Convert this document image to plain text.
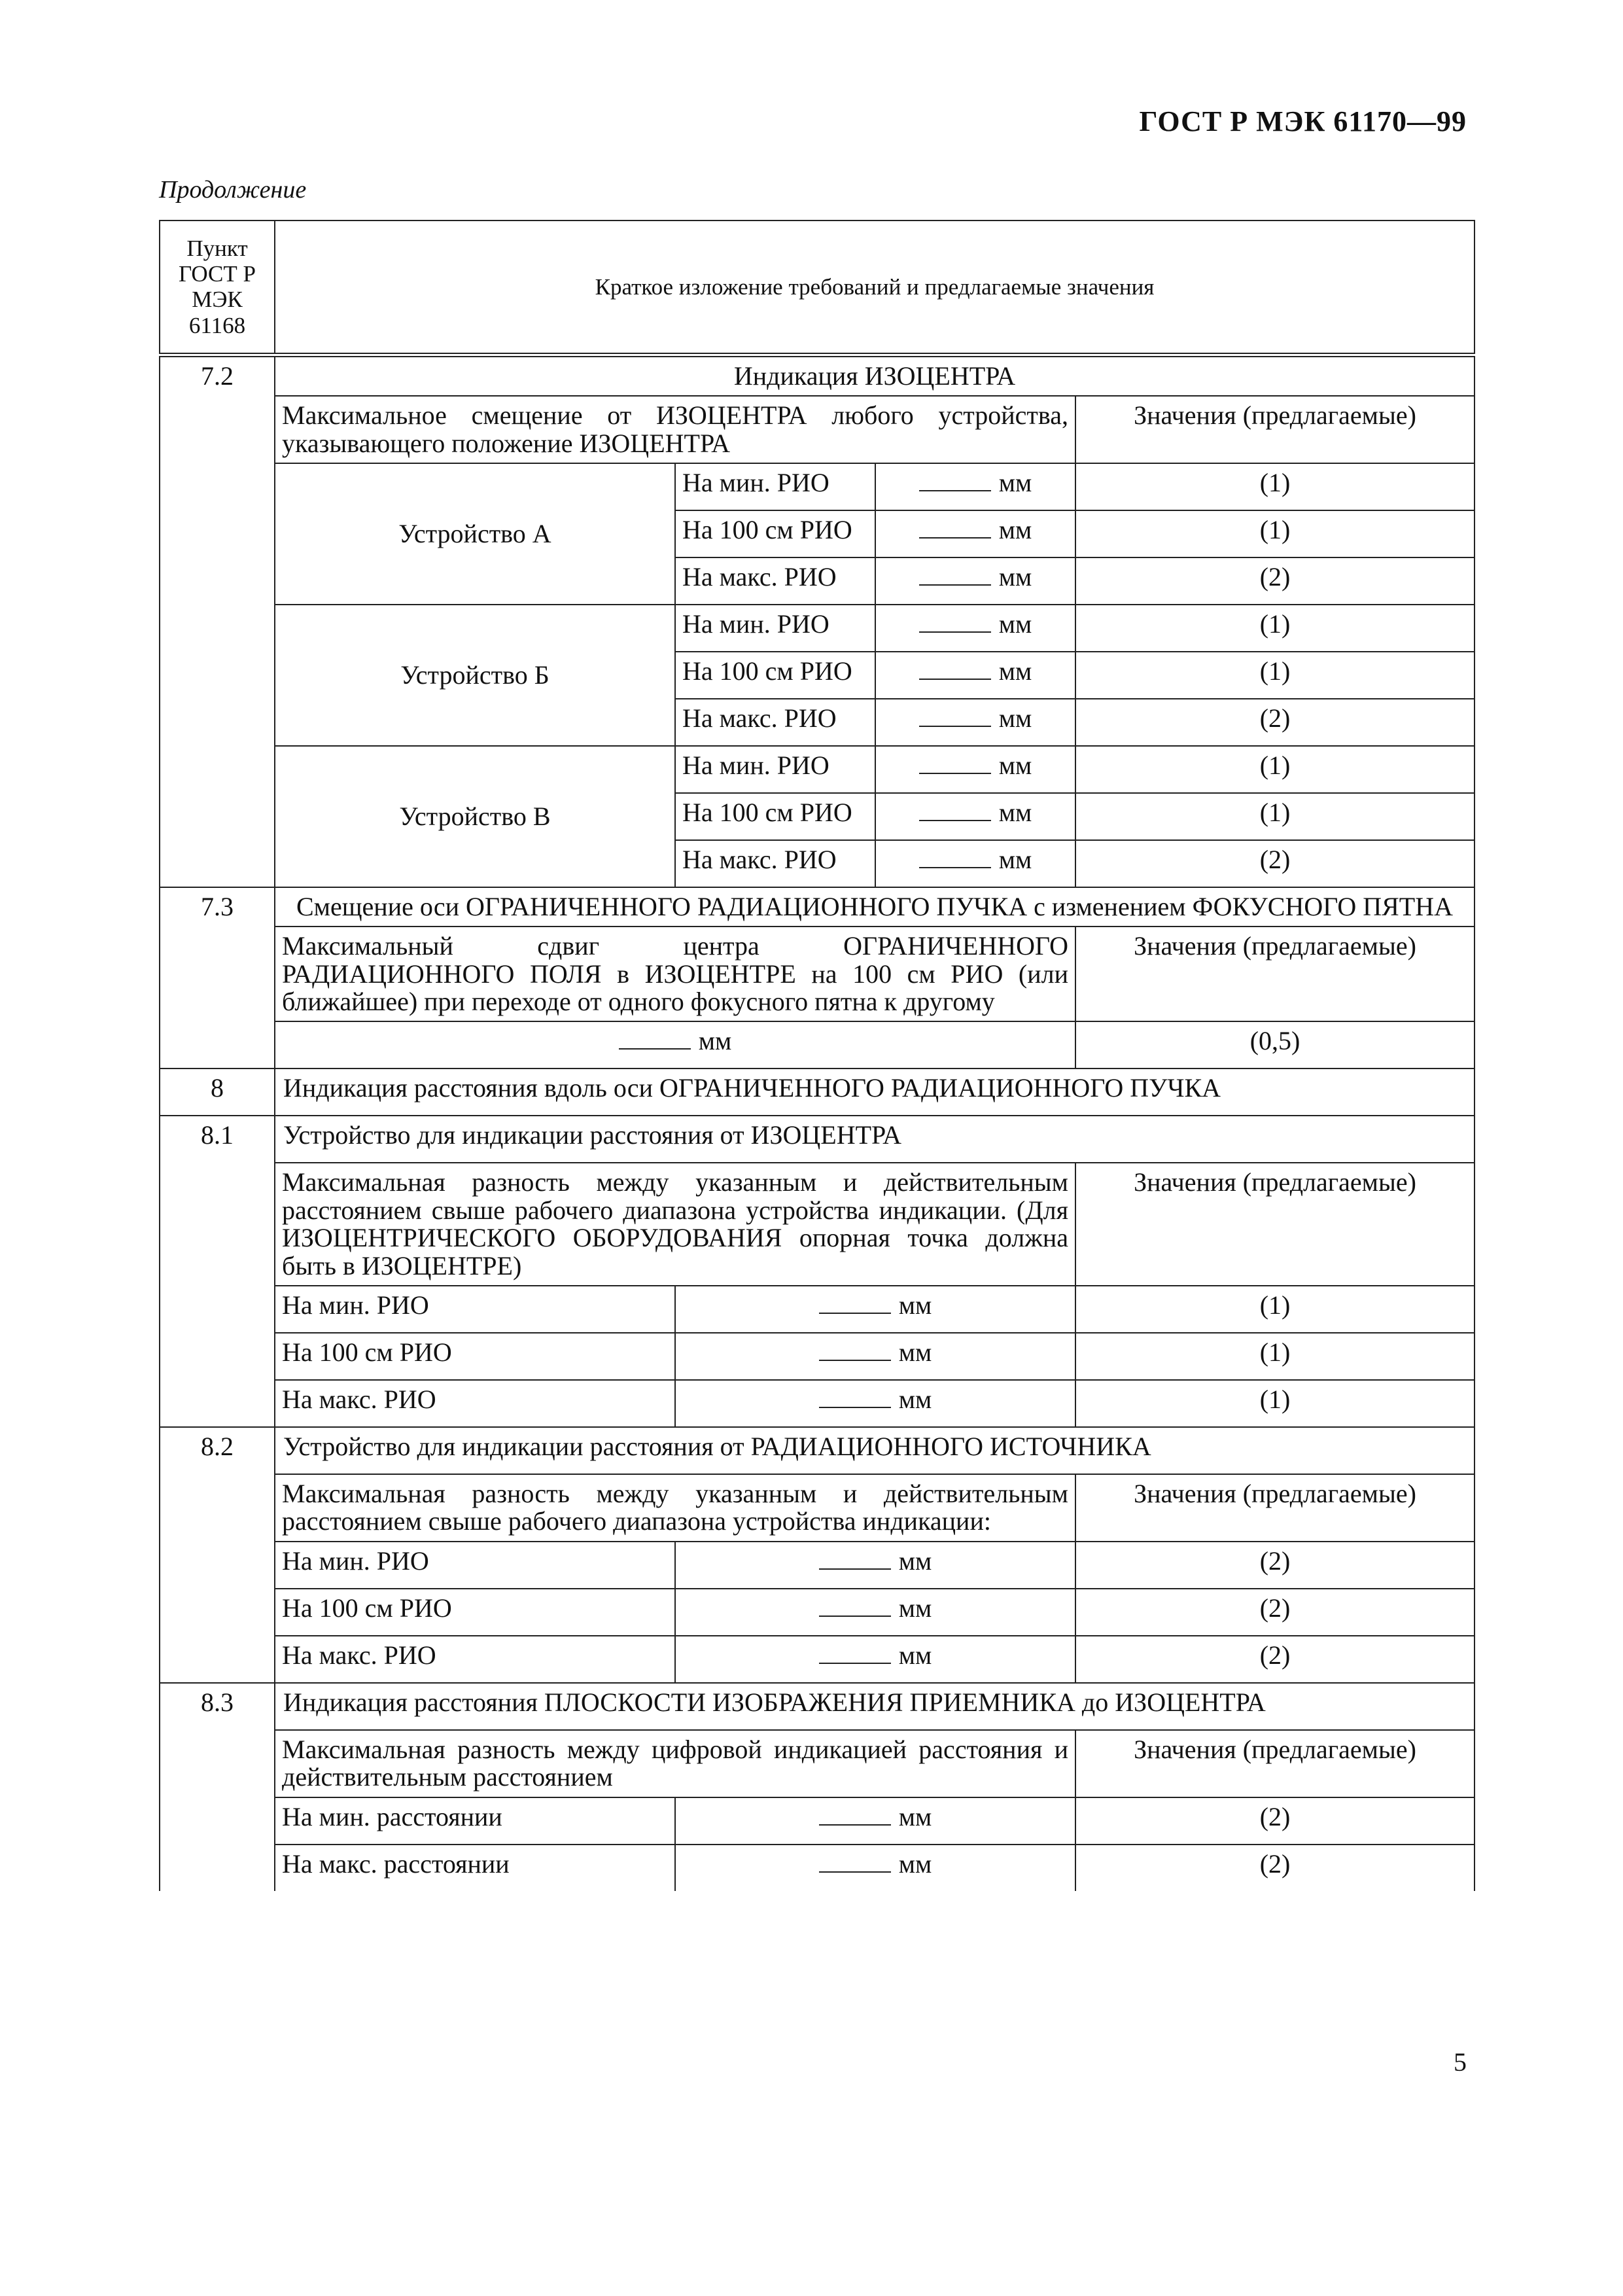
ГОСТ Р МЭК 61170—99
Продолжение
Пункт ГОСТ Р МЭК 61168	Краткое изложение требований и предлагаемые значения			
7.2	Индикация ИЗОЦЕНТРА			
	Максимальное смещение от ИЗОЦЕНТРА любого устройства, указывающего положение ИЗОЦЕНТРА			Значения (предлагаемые)
	Устройство А	На мин. РИО	мм	(1)
		На 100 см РИО	мм	(1)
		На макс. РИО	мм	(2)
	Устройство Б	На мин. РИО	мм	(1)
		На 100 см РИО	мм	(1)
		На макс. РИО	мм	(2)
	Устройство В	На мин. РИО	мм	(1)
		На 100 см РИО	мм	(1)
		На макс. РИО	мм	(2)
7.3	Смещение оси ОГРАНИЧЕННОГО РАДИАЦИОННОГО ПУЧКА с изменением ФОКУСНОГО ПЯТНА			
	Максимальный сдвиг центра ОГРАНИЧЕННОГО РАДИАЦИОННОГО ПОЛЯ в ИЗОЦЕНТРЕ на 100 см РИО (или ближайшее) при переходе от одного фокусного пятна к другому			Значения (предлагаемые)
	мм			(0,5)
8	Индикация расстояния вдоль оси ОГРАНИЧЕННОГО РАДИАЦИОННОГО ПУЧКА			
8.1	Устройство для индикации расстояния от ИЗОЦЕНТРА			
	Максимальная разность между указанным и действительным расстоянием свыше рабочего диапазона устройства индикации. (Для ИЗОЦЕНТРИЧЕСКОГО ОБОРУДОВАНИЯ опорная точка должна быть в ИЗОЦЕНТРЕ)			Значения (предлагаемые)
	На мин. РИО	мм		(1)
	На 100 см РИО	мм		(1)
	На макс. РИО	мм		(1)
8.2	Устройство для индикации расстояния от РАДИАЦИОННОГО ИСТОЧНИКА			
	Максимальная разность между указанным и действительным расстоянием свыше рабочего диапазона устройства индикации:			Значения (предлагаемые)
	На мин. РИО	мм		(2)
	На 100 см РИО	мм		(2)
	На макс. РИО	мм		(2)
8.3	Индикация расстояния ПЛОСКОСТИ ИЗОБРАЖЕНИЯ ПРИЕМНИКА до ИЗОЦЕНТРА			
	Максимальная разность между цифровой индикацией расстояния и действительным расстоянием			Значения (предлагаемые)
	На мин. расстоянии	мм		(2)
	На макс. расстоянии	мм		(2)
5
